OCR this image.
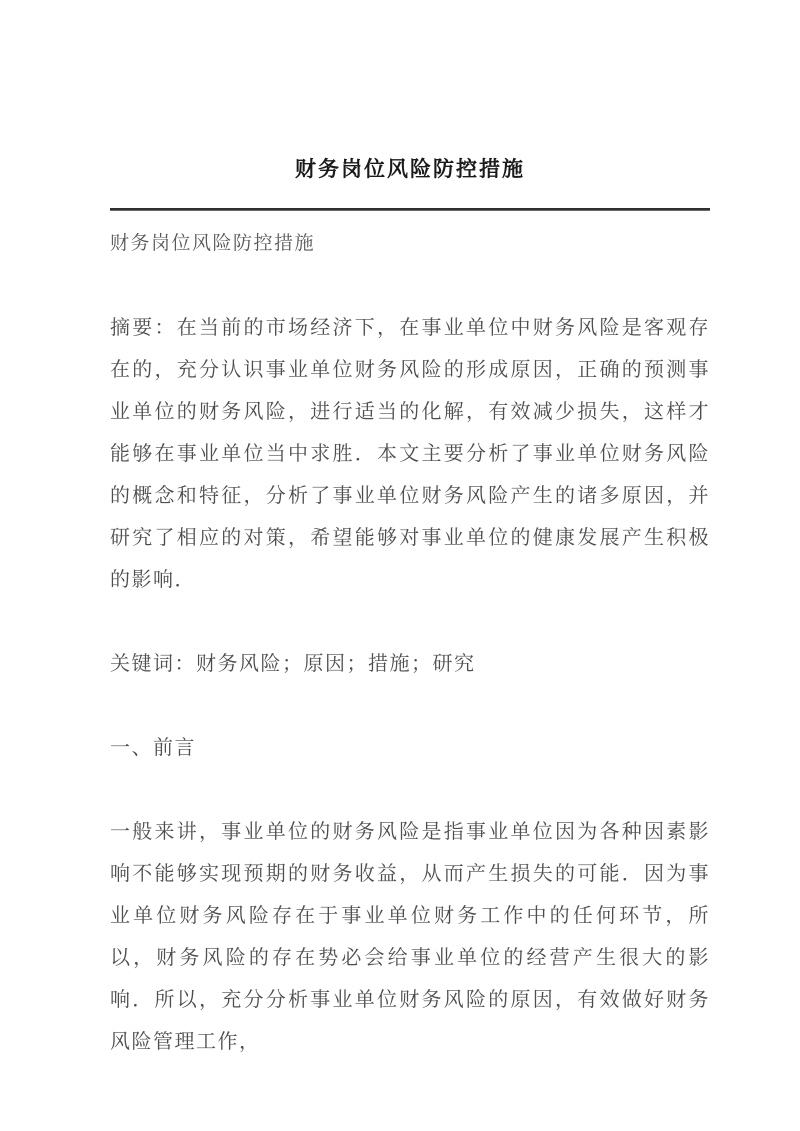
财务岗位风险防控措施

财务岗位风险防控措施

摘要：在当前的市场经济下，在事业单位中财务风险是客观存在的，充分认识事业单位财务风险的形成原因，正确的预测事业单位的财务风险，进行适当的化解，有效减少损失，这样才能够在事业单位当中求胜．本文主要分析了事业单位财务风险的概念和特征，分析了事业单位财务风险产生的诸多原因，并研究了相应的对策，希望能够对事业单位的健康发展产生积极的影响．

关键词：财务风险；原因；措施；研究

一、前言

一般来讲，事业单位的财务风险是指事业单位因为各种因素影响不能够实现预期的财务收益，从而产生损失的可能．因为事业单位财务风险存在于事业单位财务工作中的任何环节，所以，财务风险的存在势必会给事业单位的经营产生很大的影响．所以，充分分析事业单位财务风险的原因，有效做好财务风险管理工作，
